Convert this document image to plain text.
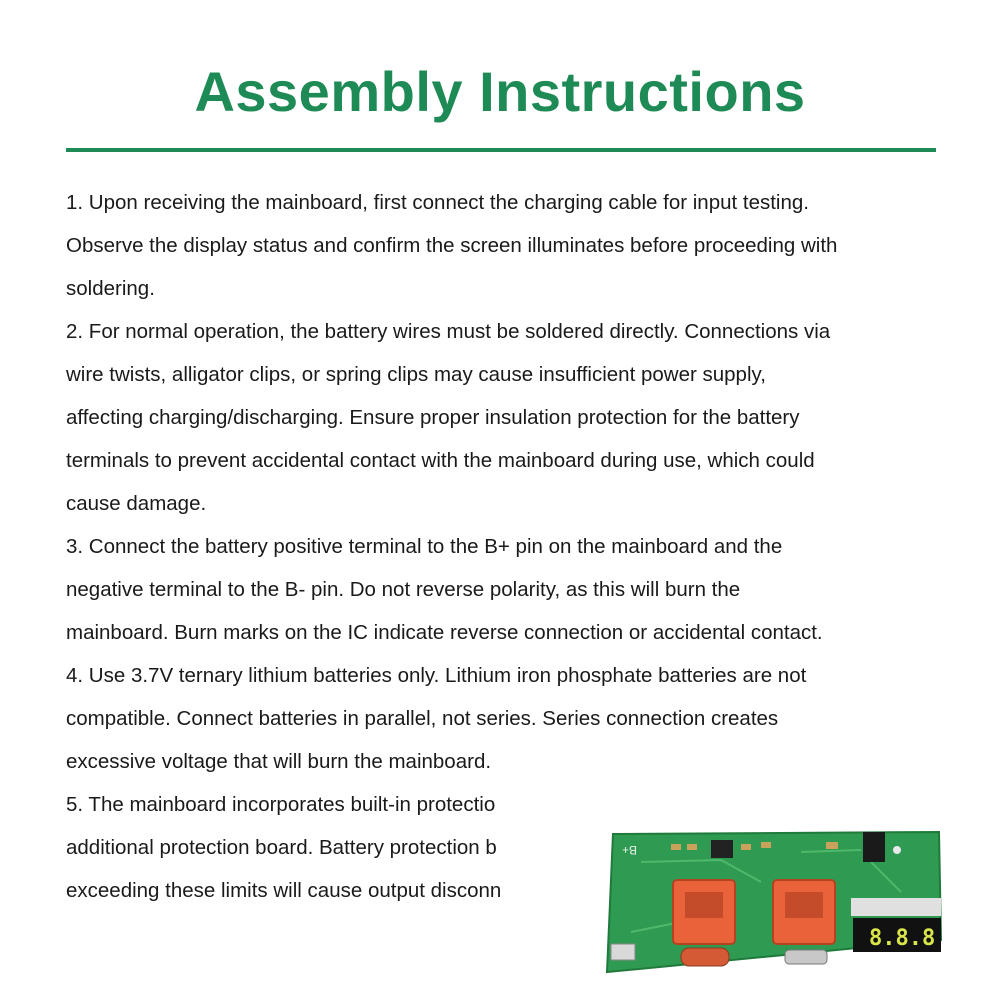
Assembly Instructions
1. Upon receiving the mainboard, first connect the charging cable for input testing.
Observe the display status and confirm the screen illuminates before proceeding with
soldering.
2. For normal operation, the battery wires must be soldered directly. Connections via
wire twists, alligator clips, or spring clips may cause insufficient power supply,
affecting charging/discharging. Ensure proper insulation protection for the battery
terminals to prevent accidental contact with the mainboard during use, which could
cause damage.
3. Connect the battery positive terminal to the B+ pin on the mainboard and the
negative terminal to the B- pin. Do not reverse polarity, as this will burn the
mainboard. Burn marks on the IC indicate reverse connection or accidental contact.
4. Use 3.7V ternary lithium batteries only. Lithium iron phosphate batteries are not
compatible. Connect batteries in parallel, not series. Series connection creates
excessive voltage that will burn the mainboard.
5. The mainboard incorporates built-in protectio
additional protection board. Battery protection b
exceeding these limits will cause output disconn
B+
8.8.8
